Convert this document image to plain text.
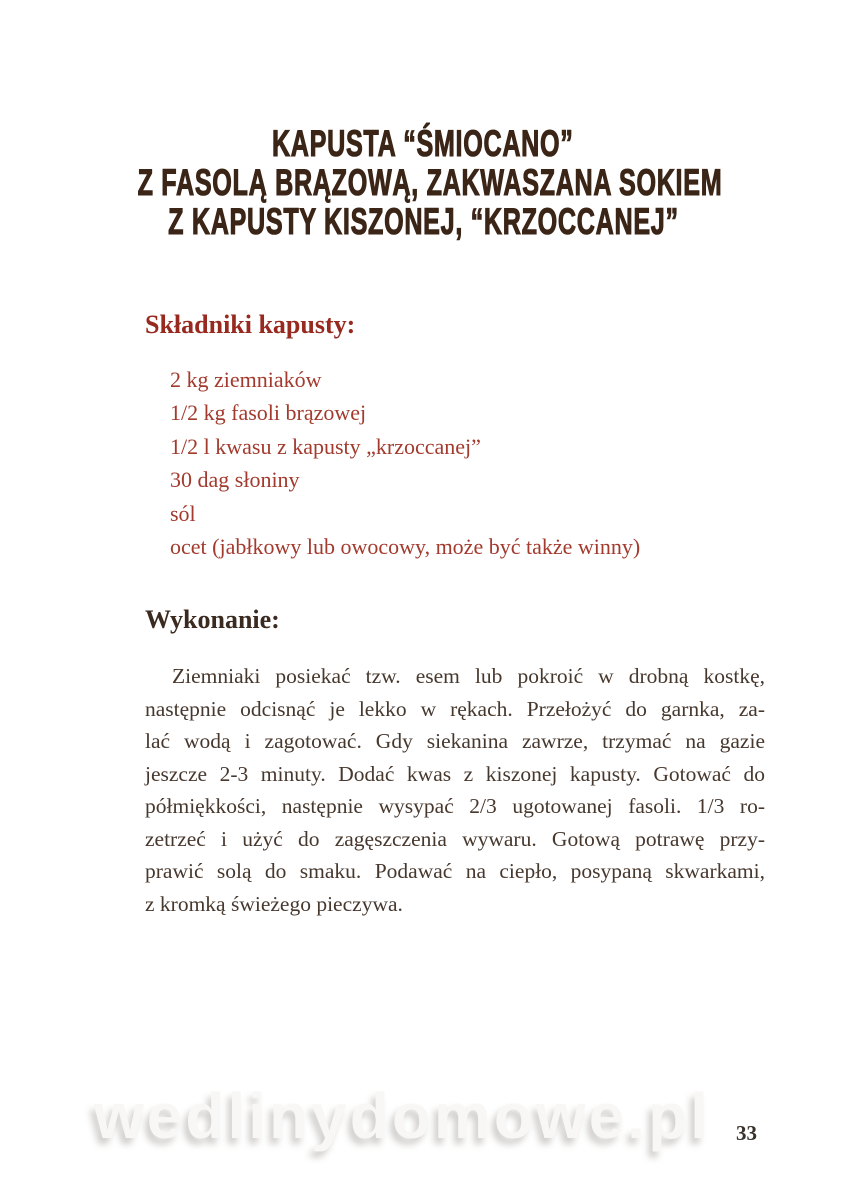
KAPUSTA “ŚMIOCANO”
Z FASOLĄ BRĄZOWĄ, ZAKWASZANA SOKIEM
Z KAPUSTY KISZONEJ, “KRZOCCANEJ”
Składniki kapusty:
2 kg ziemniaków
1/2 kg fasoli brązowej
1/2 l kwasu z kapusty „krzoccanej”
30 dag słoniny
sól
ocet (jabłkowy lub owocowy, może być także winny)
Wykonanie:
Ziemniaki posiekać tzw. esem lub pokroić w drobną kostkę,
następnie odcisnąć je lekko w rękach. Przełożyć do garnka, za-
lać wodą i zagotować. Gdy siekanina zawrze, trzymać na gazie
jeszcze 2-3 minuty. Dodać kwas z kiszonej kapusty. Gotować do
półmiękkości, następnie wysypać 2/3 ugotowanej fasoli. 1/3 ro-
zetrzeć i użyć do zagęszczenia wywaru. Gotową potrawę przy-
prawić solą do smaku. Podawać na ciepło, posypaną skwarkami,
z kromką świeżego pieczywa.
wedlinydomowe.pl 33
